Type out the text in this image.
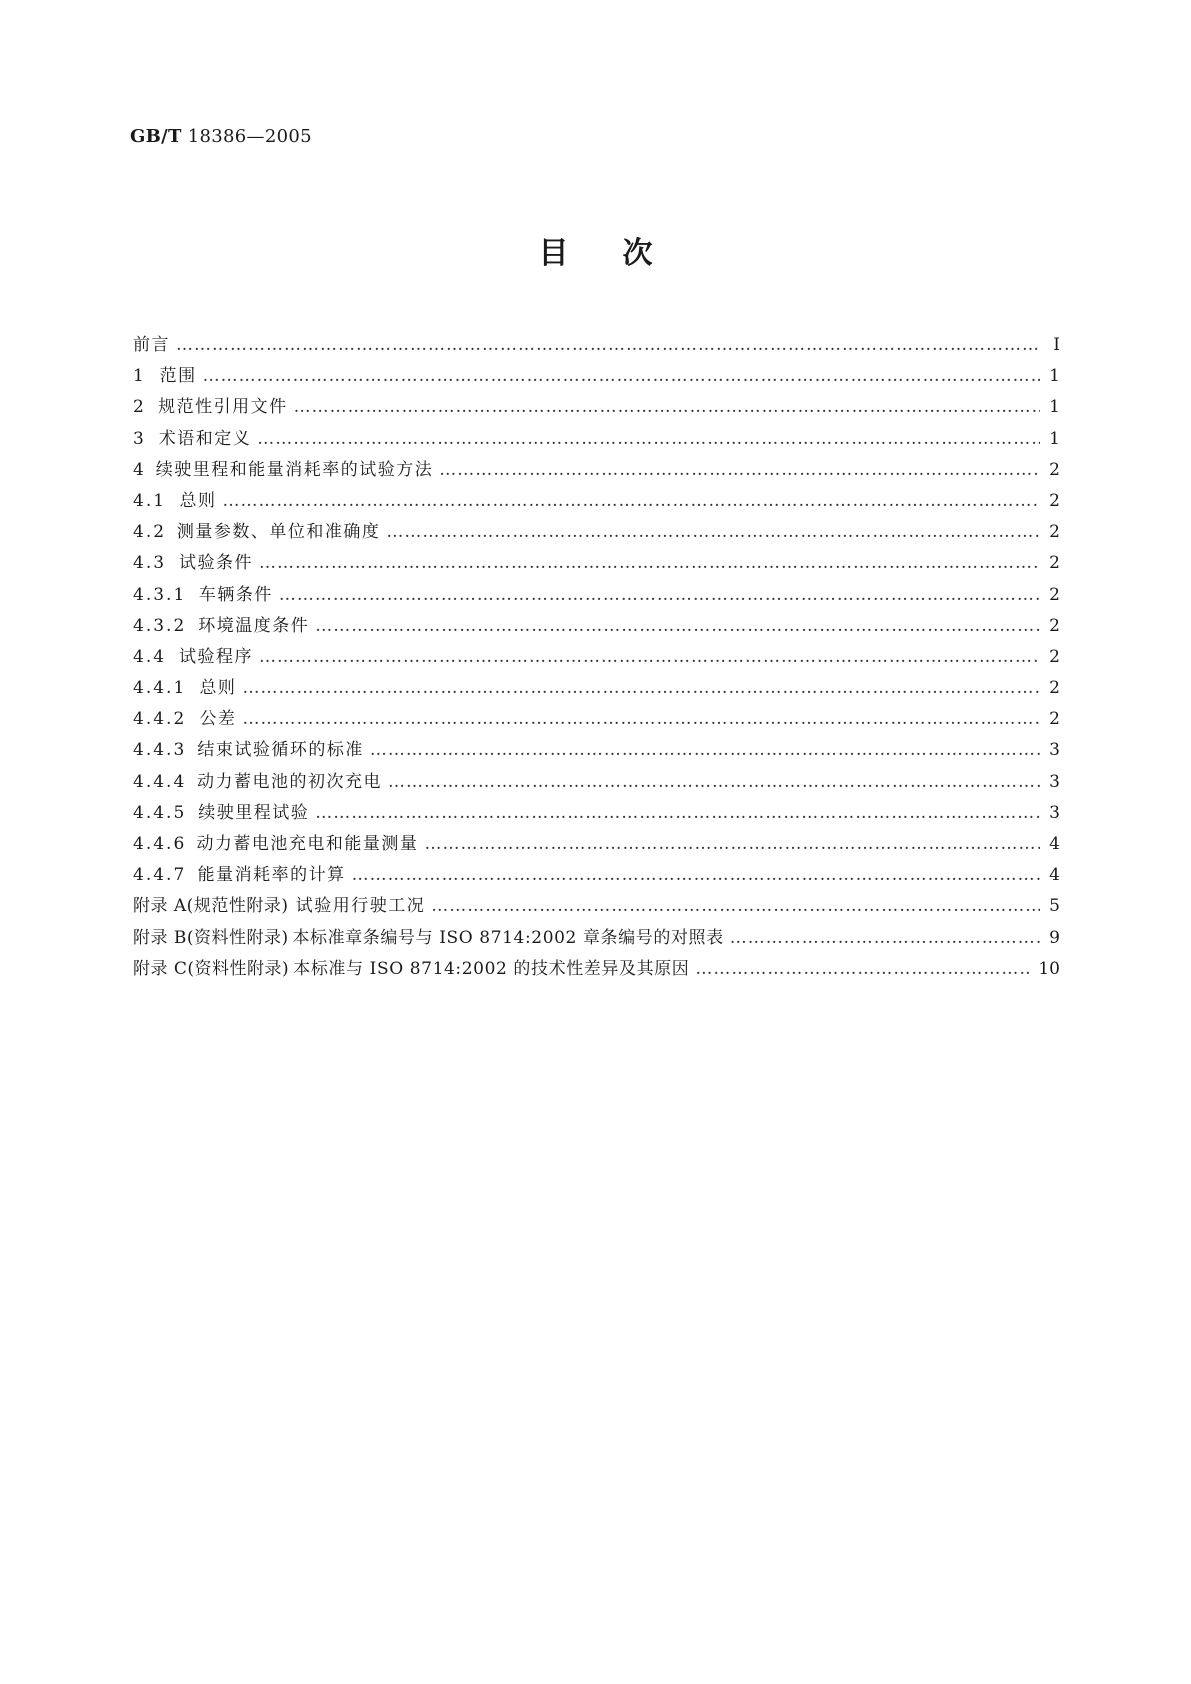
GB/T 18386—2005
目 次
前言 ……………………………………………………………………………………………………………………………………………………………………………………………………	I
1 范围 ……………………………………………………………………………………………………………………………………………………………………………………………………	1
2 规范性引用文件 ……………………………………………………………………………………………………………………………………………………………………………………………………	1
3 术语和定义 ……………………………………………………………………………………………………………………………………………………………………………………………………	1
4 续驶里程和能量消耗率的试验方法 ……………………………………………………………………………………………………………………………………………………………………………………………………	2
4.1 总则 ……………………………………………………………………………………………………………………………………………………………………………………………………	2
4.2 测量参数、单位和准确度 ……………………………………………………………………………………………………………………………………………………………………………………………………	2
4.3 试验条件 ……………………………………………………………………………………………………………………………………………………………………………………………………	2
4.3.1 车辆条件 ……………………………………………………………………………………………………………………………………………………………………………………………………	2
4.3.2 环境温度条件 ……………………………………………………………………………………………………………………………………………………………………………………………………	2
4.4 试验程序 ……………………………………………………………………………………………………………………………………………………………………………………………………	2
4.4.1 总则 ……………………………………………………………………………………………………………………………………………………………………………………………………	2
4.4.2 公差 ……………………………………………………………………………………………………………………………………………………………………………………………………	2
4.4.3 结束试验循环的标准 ……………………………………………………………………………………………………………………………………………………………………………………………………	3
4.4.4 动力蓄电池的初次充电 ……………………………………………………………………………………………………………………………………………………………………………………………………	3
4.4.5 续驶里程试验 ……………………………………………………………………………………………………………………………………………………………………………………………………	3
4.4.6 动力蓄电池充电和能量测量 ……………………………………………………………………………………………………………………………………………………………………………………………………	4
4.4.7 能量消耗率的计算 ……………………………………………………………………………………………………………………………………………………………………………………………………	4
附录 A(规范性附录) 试验用行驶工况 ……………………………………………………………………………………………………………………………………………………………………………………………………	5
附录 B(资料性附录) 本标准章条编号与 ISO 8714:2002 章条编号的对照表 ……………………………………………………………………………………………………………………………………………………………………………………………………	9
附录 C(资料性附录) 本标准与 ISO 8714:2002 的技术性差异及其原因 ……………………………………………………………………………………………………………………………………………………………………………………………………	10
